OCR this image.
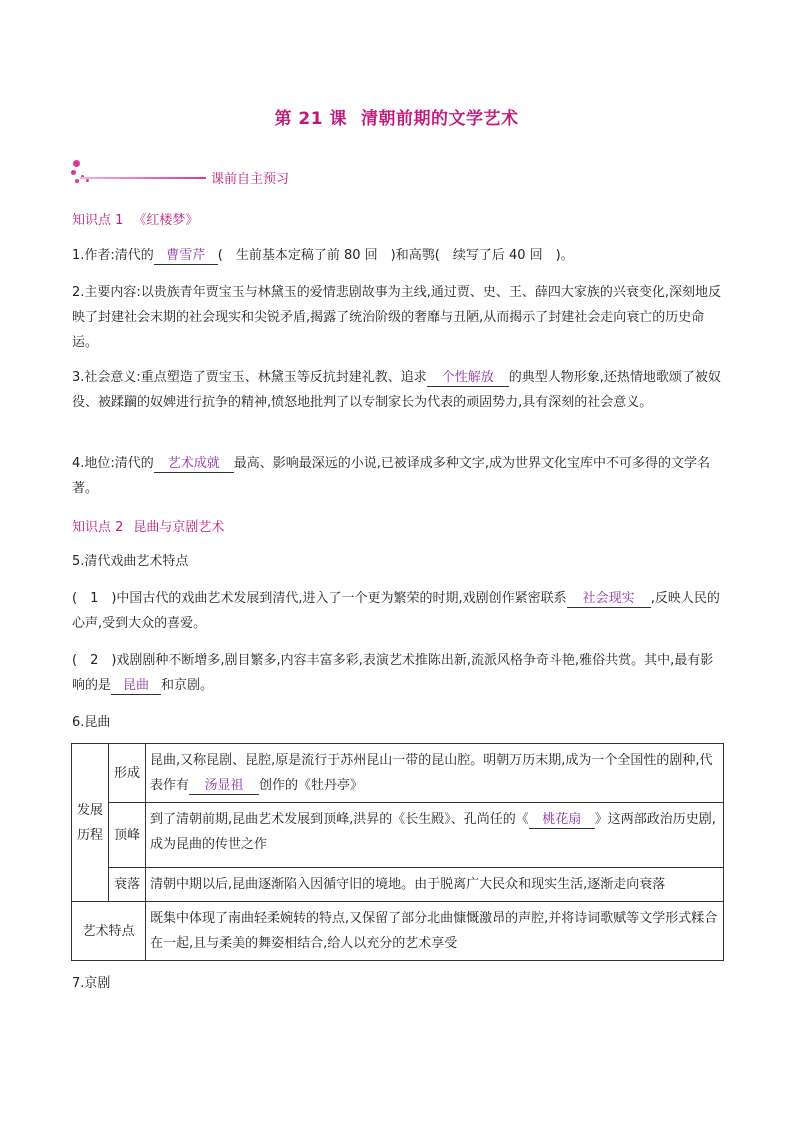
第 21 课 清朝前期的文学艺术
课前自主预习
知识点 1 《红楼梦》
1.作者:清代的 曹雪芹 (　生前基本定稿了前 80 回　)和高鹗(　续写了后 40 回　)。
2.主要内容:以贵族青年贾宝玉与林黛玉的爱情悲剧故事为主线,通过贾、史、王、薛四大家族的兴衰变化,深刻地反映了封建社会末期的社会现实和尖锐矛盾,揭露了统治阶级的奢靡与丑陋,从而揭示了封建社会走向衰亡的历史命运。
3.社会意义:重点塑造了贾宝玉、林黛玉等反抗封建礼教、追求 个性解放 的典型人物形象,还热情地歌颂了被奴役、被蹂躏的奴婢进行抗争的精神,愤怒地批判了以专制家长为代表的顽固势力,具有深刻的社会意义。
4.地位:清代的 艺术成就 最高、影响最深远的小说,已被译成多种文字,成为世界文化宝库中不可多得的文学名著。
知识点 2 昆曲与京剧艺术
5.清代戏曲艺术特点
(　1　)中国古代的戏曲艺术发展到清代,进入了一个更为繁荣的时期,戏剧创作紧密联系 社会现实 ,反映人民的心声,受到大众的喜爱。
(　2　)戏剧剧种不断增多,剧目繁多,内容丰富多彩,表演艺术推陈出新,流派风格争奇斗艳,雅俗共赏。其中,最有影响的是 昆曲 和京剧。
6.昆曲
发展
历程	形成	昆曲,又称昆剧、昆腔,原是流行于苏州昆山一带的昆山腔。明朝万历末期,成为一个全国性的剧种,代表作有 汤显祖 创作的《牡丹亭》
	顶峰	到了清朝前期,昆曲艺术发展到顶峰,洪昇的《长生殿》、孔尚任的《 桃花扇 》这两部政治历史剧,成为昆曲的传世之作
	衰落	清朝中期以后,昆曲逐渐陷入因循守旧的境地。由于脱离广大民众和现实生活,逐渐走向衰落
艺术特点		既集中体现了南曲轻柔婉转的特点,又保留了部分北曲慷慨激昂的声腔,并将诗词歌赋等文学形式糅合在一起,且与柔美的舞姿相结合,给人以充分的艺术享受
7.京剧
